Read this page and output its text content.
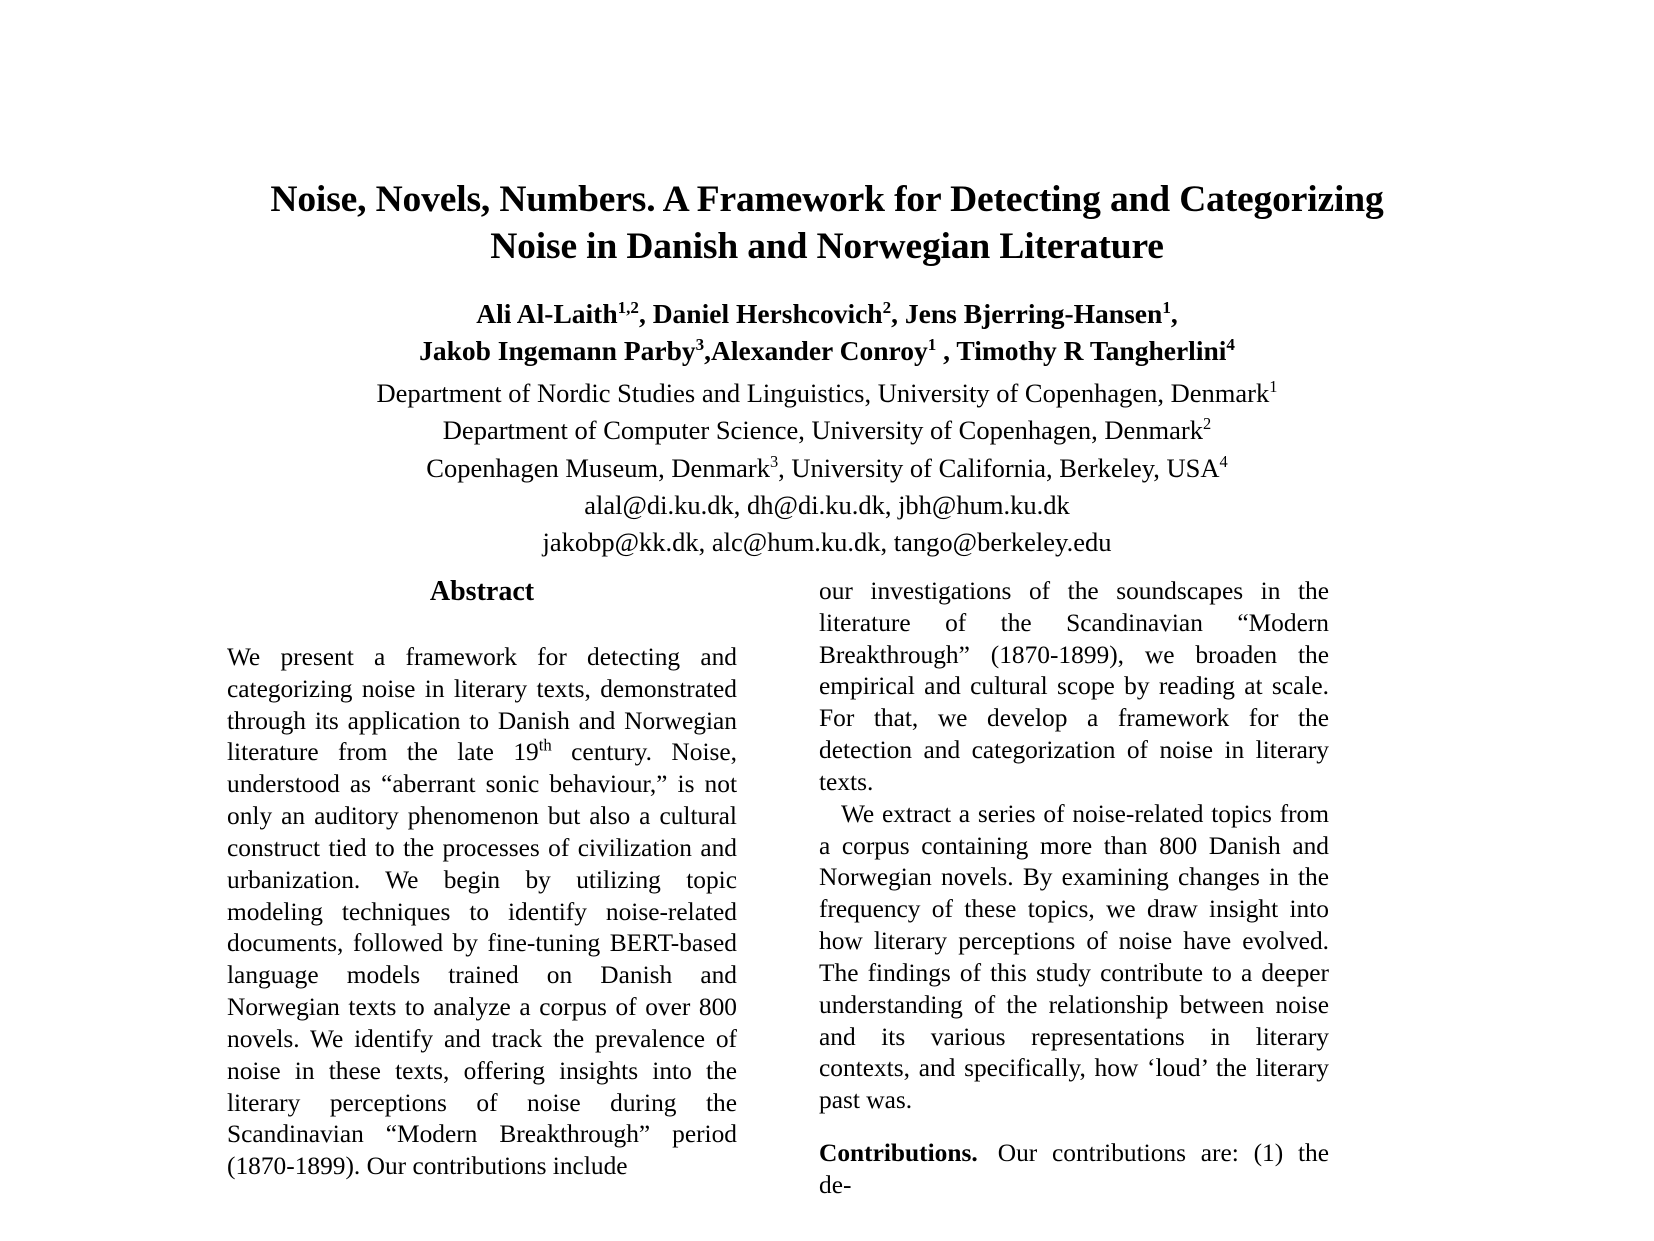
Noise, Novels, Numbers. A Framework for Detecting and Categorizing Noise in Danish and Norwegian Literature
Ali Al-Laith$^{1,2}$, Daniel Hershcovich$^2$, Jens Bjerring-Hansen$^1$,
Jakob Ingemann Parby$^3$,Alexander Conroy$^1$ , Timothy R Tangherlini$^4$
Department of Nordic Studies and Linguistics, University of Copenhagen, Denmark$^1$
Department of Computer Science, University of Copenhagen, Denmark$^2$
Copenhagen Museum, Denmark$^3$, University of California, Berkeley, USA$^4$
alal@di.ku.dk, dh@di.ku.dk, jbh@hum.ku.dk
jakobp@kk.dk, alc@hum.ku.dk, tango@berkeley.edu
Abstract

We present a framework for detecting and categorizing noise in literary texts, demonstrated through its application to Danish and Norwegian literature from the late 19th century. Noise, understood as “aberrant sonic behaviour,” is not only an auditory phenomenon but also a cultural construct tied to the processes of civilization and urbanization. We begin by utilizing topic modeling techniques to identify noise-related documents, followed by fine-tuning BERT-based language models trained on Danish and Norwegian texts to analyze a corpus of over 800 novels. We identify and track the prevalence of noise in these texts, offering insights into the literary perceptions of noise during the Scandinavian “Modern Breakthrough” period (1870-1899). Our contributions include

our investigations of the soundscapes in the literature of the Scandinavian “Modern Breakthrough” (1870-1899), we broaden the empirical and cultural scope by reading at scale. For that, we develop a framework for the detection and categorization of noise in literary texts.

We extract a series of noise-related topics from a corpus containing more than 800 Danish and Norwegian novels. By examining changes in the frequency of these topics, we draw insight into how literary perceptions of noise have evolved. The findings of this study contribute to a deeper understanding of the relationship between noise and its various representations in literary contexts, and specifically, how ‘loud’ the literary past was.

Contributions. Our contributions are: (1) the de-
